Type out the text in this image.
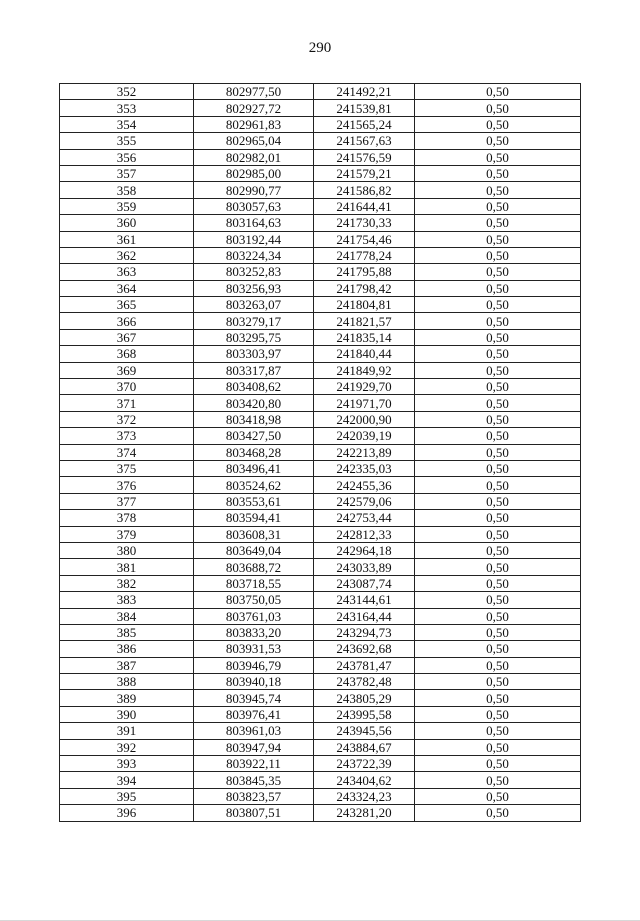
290
352	802977,50	241492,21	0,50
353	802927,72	241539,81	0,50
354	802961,83	241565,24	0,50
355	802965,04	241567,63	0,50
356	802982,01	241576,59	0,50
357	802985,00	241579,21	0,50
358	802990,77	241586,82	0,50
359	803057,63	241644,41	0,50
360	803164,63	241730,33	0,50
361	803192,44	241754,46	0,50
362	803224,34	241778,24	0,50
363	803252,83	241795,88	0,50
364	803256,93	241798,42	0,50
365	803263,07	241804,81	0,50
366	803279,17	241821,57	0,50
367	803295,75	241835,14	0,50
368	803303,97	241840,44	0,50
369	803317,87	241849,92	0,50
370	803408,62	241929,70	0,50
371	803420,80	241971,70	0,50
372	803418,98	242000,90	0,50
373	803427,50	242039,19	0,50
374	803468,28	242213,89	0,50
375	803496,41	242335,03	0,50
376	803524,62	242455,36	0,50
377	803553,61	242579,06	0,50
378	803594,41	242753,44	0,50
379	803608,31	242812,33	0,50
380	803649,04	242964,18	0,50
381	803688,72	243033,89	0,50
382	803718,55	243087,74	0,50
383	803750,05	243144,61	0,50
384	803761,03	243164,44	0,50
385	803833,20	243294,73	0,50
386	803931,53	243692,68	0,50
387	803946,79	243781,47	0,50
388	803940,18	243782,48	0,50
389	803945,74	243805,29	0,50
390	803976,41	243995,58	0,50
391	803961,03	243945,56	0,50
392	803947,94	243884,67	0,50
393	803922,11	243722,39	0,50
394	803845,35	243404,62	0,50
395	803823,57	243324,23	0,50
396	803807,51	243281,20	0,50
